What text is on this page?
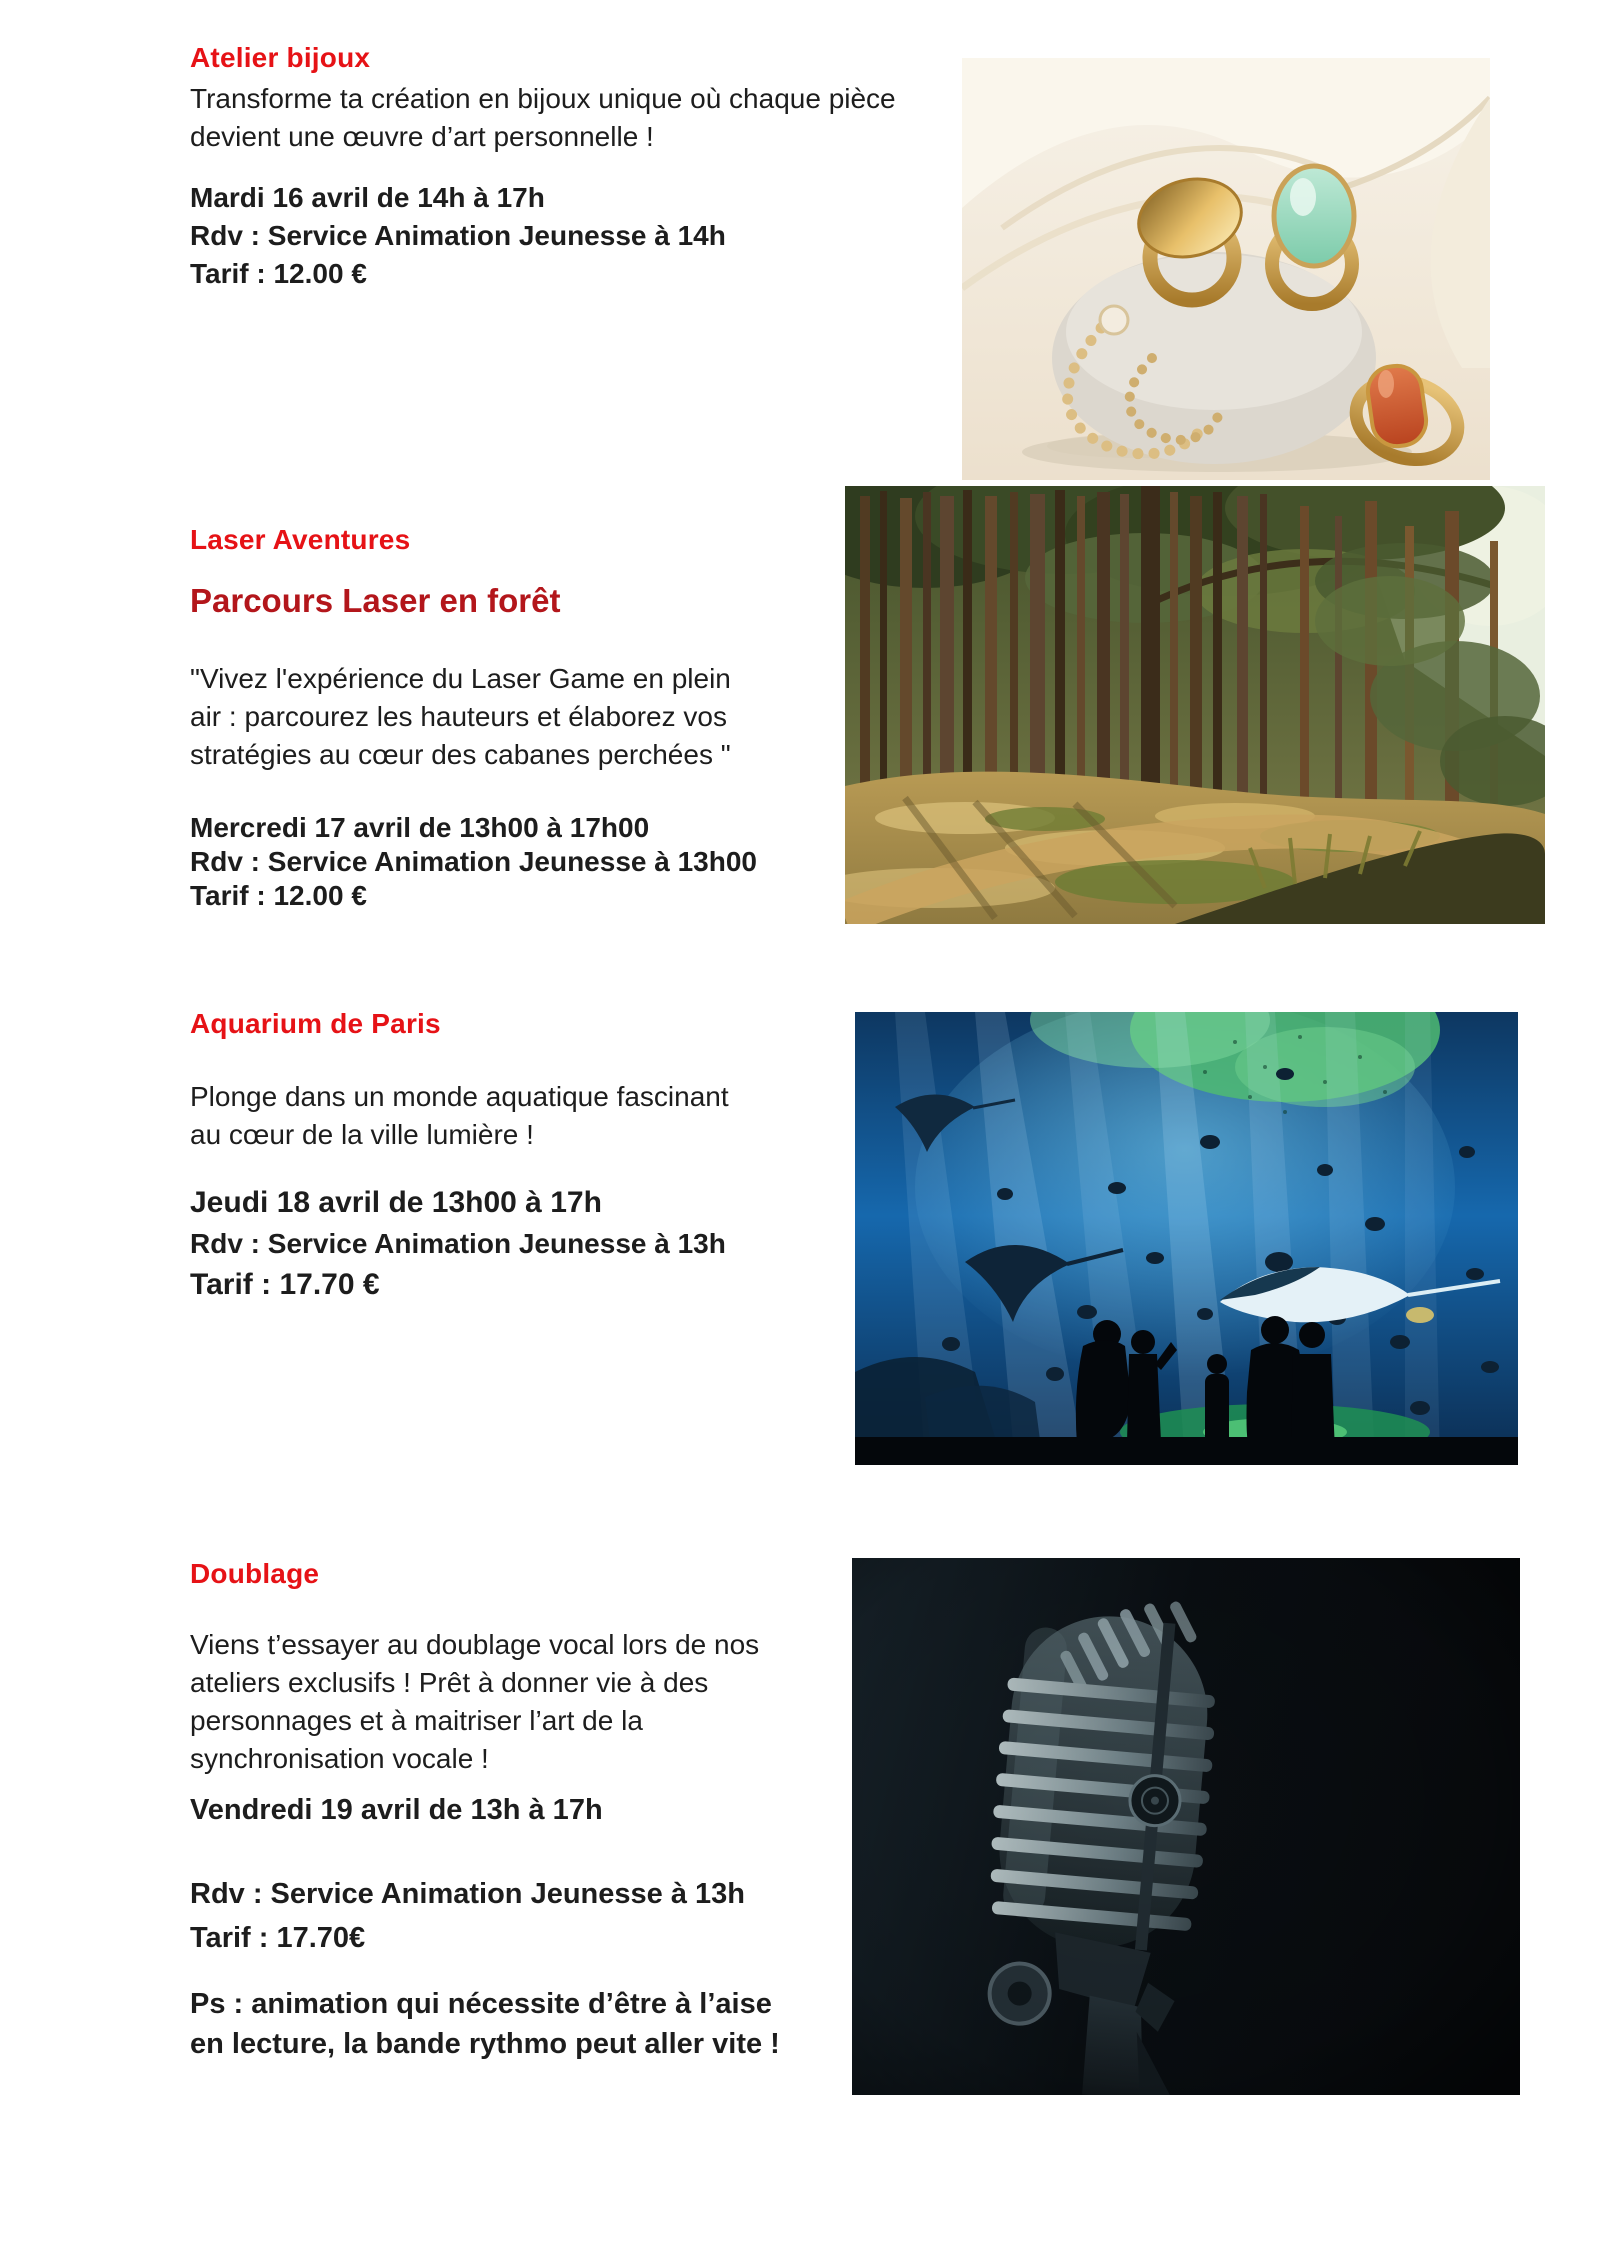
Atelier bijoux
Transforme ta création en bijoux unique où chaque pièce
devient une œuvre d’art personnelle !
Mardi 16 avril de 14h à 17h
Rdv : Service Animation Jeunesse à 14h
Tarif : 12.00 €
Laser Aventures
Parcours Laser en forêt
"Vivez l'expérience du Laser Game en plein
air : parcourez les hauteurs et élaborez vos
stratégies au cœur des cabanes perchées "
Mercredi 17 avril de 13h00 à 17h00
Rdv : Service Animation Jeunesse à 13h00
Tarif : 12.00 €
Aquarium de Paris
Plonge dans un monde aquatique fascinant
au cœur de la ville lumière !
Jeudi 18 avril de 13h00 à 17h
Rdv : Service Animation Jeunesse à 13h
Tarif : 17.70 €
Doublage
Viens t’essayer au doublage vocal lors de nos
ateliers exclusifs ! Prêt à donner vie à des
personnages et à maitriser l’art de la
synchronisation vocale !
Vendredi 19 avril de 13h à 17h
Rdv : Service Animation Jeunesse à 13h
Tarif : 17.70€
Ps : animation qui nécessite d’être à l’aise
en lecture, la bande rythmo peut aller vite !
